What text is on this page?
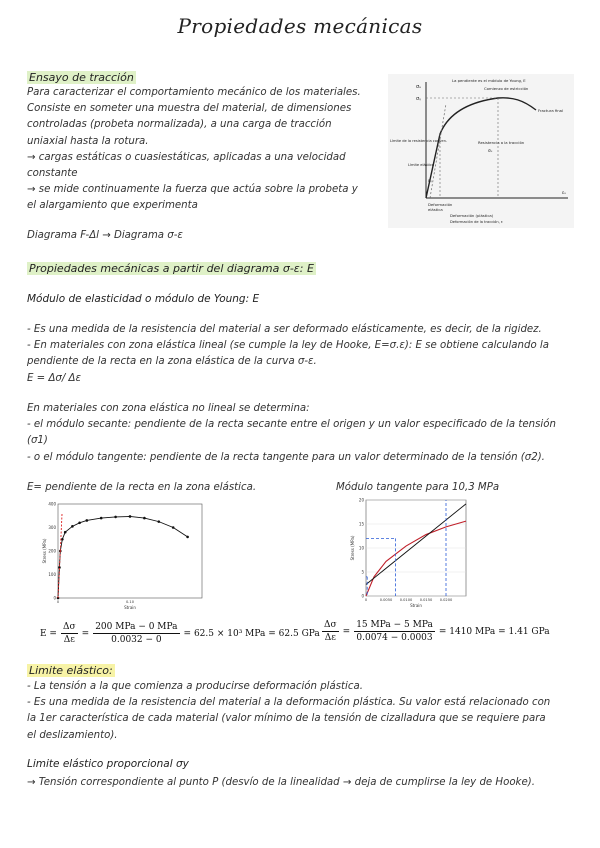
Propiedades mecánicas
Ensayo de tracción
Para caracterizar el comportamiento mecánico de los materiales.
Consiste en someter una muestra del material, de dimensiones
controladas (probeta normalizada), a una carga de tracción
uniaxial hasta la rotura.
→ cargas estáticas o cuasiestáticas, aplicadas a una velocidad
constante
→ se mide continuamente la fuerza que actúa sobre la probeta y
el alargamiento que experimenta
Diagrama F-Δl → Diagrama σ-ε
σᵤ
σᵧ
La pendiente es el módulo de Young, E
Comienzo de estricción
Fractura final
Resistencia a la tracción
σᵤ
Límite de la resistencia conven.
Límite elástico
εᵧ
εᵤ
Deformación
elástica
Deformación (plástica)
Deformación de la tracción, ε
Propiedades mecánicas a partir del diagrama σ-ε: E
Módulo de elasticidad o módulo de Young: E
- Es una medida de la resistencia del material a ser deformado elásticamente, es decir, de la rigidez.
- En materiales con zona elástica lineal (se cumple la ley de Hooke, E=σ.ε): E se obtiene calculando la
pendiente de la recta en la zona elástica de la curva σ-ε.
E = Δσ/ Δε
En materiales con zona elástica no lineal se determina:
- el módulo secante: pendiente de la recta secante entre el origen y un valor especificado de la tensión
(σ1)
- o el módulo tangente: pendiente de la recta tangente para un valor determinado de la tensión (σ2).
E= pendiente de la recta en la zona elástica.	Módulo tangente para 10,3 MPa
0
100
200
300
400
0	0.10
Strain
Stress (MPa)
0
5
10
15
20
0	0.0050 0.0100 0.0150 0.0200
Strain
Stress (MPa)
$E = \frac{\Delta\sigma}{\Delta\varepsilon} = \frac{\text{200 MPa − 0 MPa}}{0.0032 - 0} = 62.5 \times 10^3$ MPa = 62.5 GPa $\frac{\Delta\sigma}{\Delta\varepsilon} = \frac{\text{15 MPa − 5 MPa}}{0.0074 - 0.0003} = 1410$ MPa = 1.41 GPa
Limite elástico:
- La tensión a la que comienza a producirse deformación plástica.
- Es una medida de la resistencia del material a la deformación plástica. Su valor está relacionado con
la 1er característica de cada material (valor mínimo de la tensión de cizalladura que se requiere para
el deslizamiento).
Limite elástico proporcional σy
→ Tensión correspondiente al punto P (desvío de la linealidad → deja de cumplirse la ley de Hooke).
